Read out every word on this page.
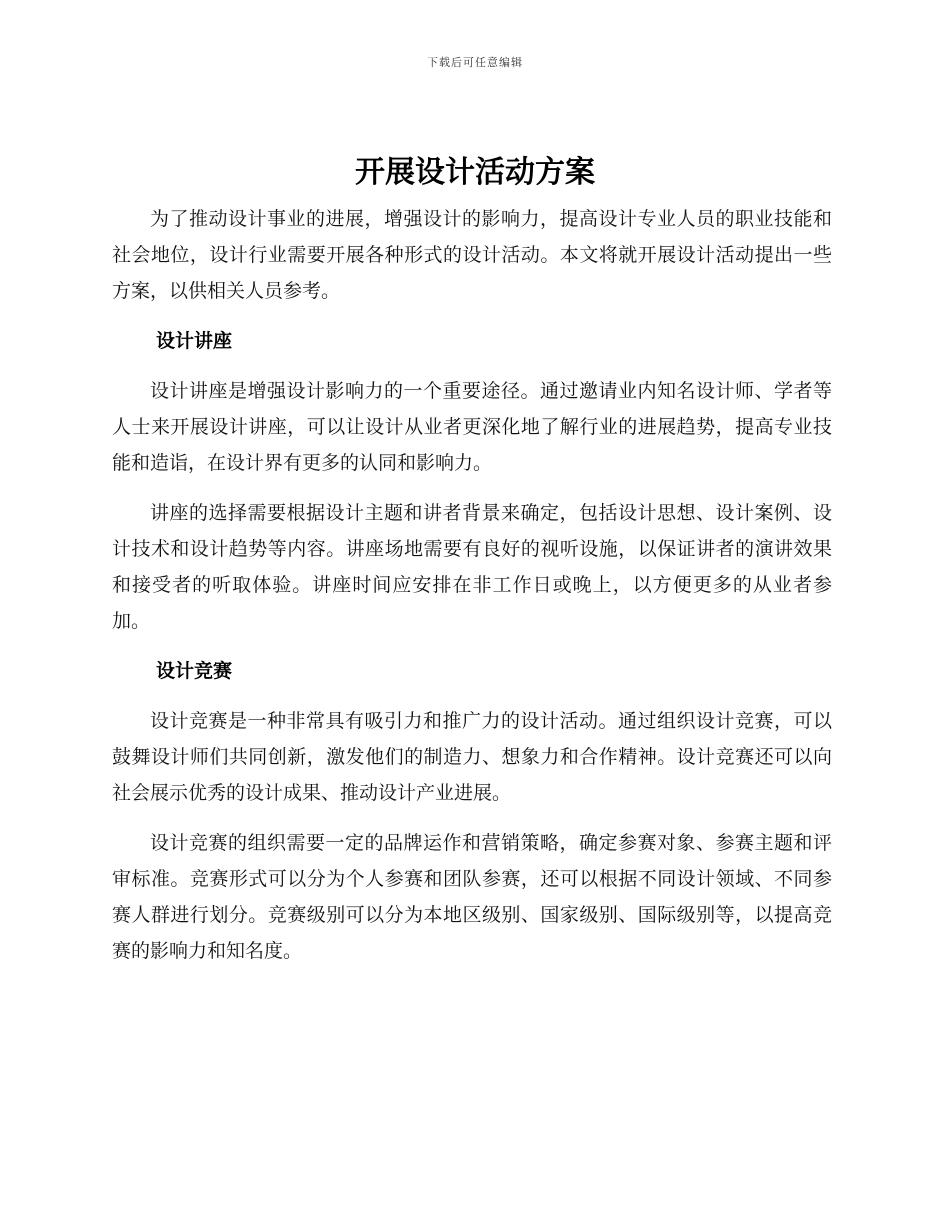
下载后可任意编辑
开展设计活动方案

为了推动设计事业的进展，增强设计的影响力，提高设计专业人员的职业技能和社会地位，设计行业需要开展各种形式的设计活动。本文将就开展设计活动提出一些方案，以供相关人员参考。

设计讲座

设计讲座是增强设计影响力的一个重要途径。通过邀请业内知名设计师、学者等人士来开展设计讲座，可以让设计从业者更深化地了解行业的进展趋势，提高专业技能和造诣，在设计界有更多的认同和影响力。

讲座的选择需要根据设计主题和讲者背景来确定，包括设计思想、设计案例、设计技术和设计趋势等内容。讲座场地需要有良好的视听设施，以保证讲者的演讲效果和接受者的听取体验。讲座时间应安排在非工作日或晚上，以方便更多的从业者参加。

设计竞赛

设计竞赛是一种非常具有吸引力和推广力的设计活动。通过组织设计竞赛，可以鼓舞设计师们共同创新，激发他们的制造力、想象力和合作精神。设计竞赛还可以向社会展示优秀的设计成果、推动设计产业进展。

设计竞赛的组织需要一定的品牌运作和营销策略，确定参赛对象、参赛主题和评审标准。竞赛形式可以分为个人参赛和团队参赛，还可以根据不同设计领域、不同参赛人群进行划分。竞赛级别可以分为本地区级别、国家级别、国际级别等，以提高竞赛的影响力和知名度。
